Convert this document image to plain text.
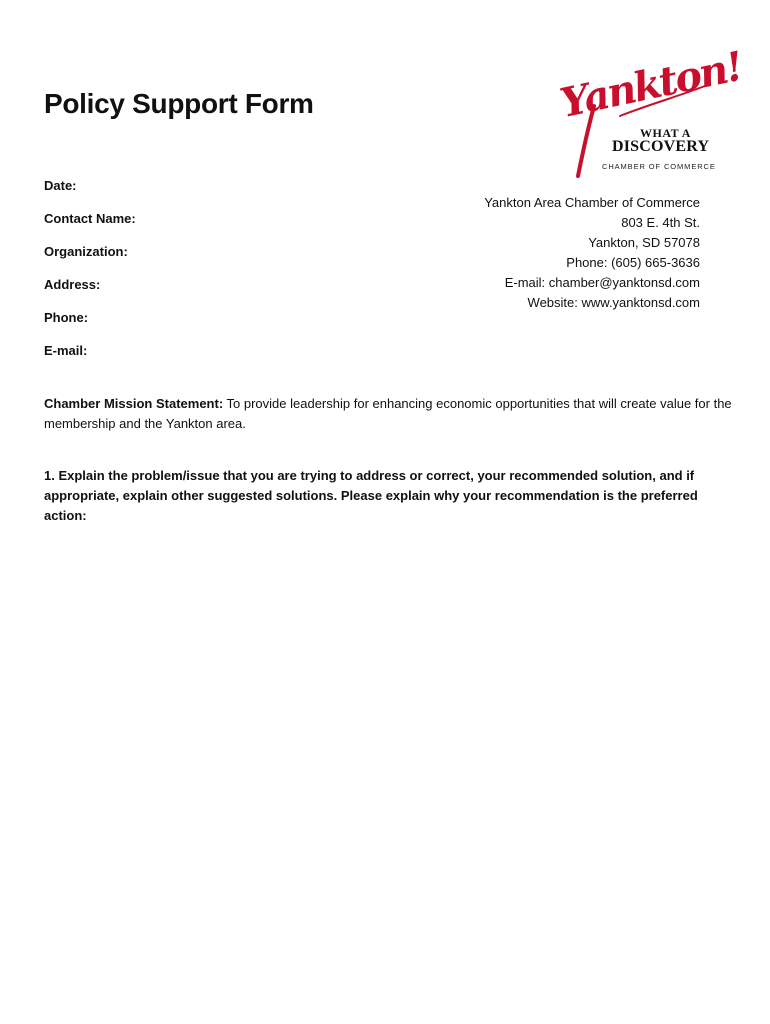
Policy Support Form	Yankton!
WHAT A
DISCOVERY
CHAMBER OF COMMERCE
Date:
Contact Name:
Organization:
Address:
Phone:
E-mail:
Yankton Area Chamber of Commerce
803 E. 4th St.
Yankton, SD 57078
Phone: (605) 665-3636
E-mail: chamber@yanktonsd.com
Website: www.yanktonsd.com
Chamber Mission Statement: To provide leadership for enhancing economic opportunities that will create value for the membership and the Yankton area.
1. Explain the problem/issue that you are trying to address or correct, your recommended solution, and if appropriate, explain other suggested solutions. Please explain why your recommendation is the preferred action:
